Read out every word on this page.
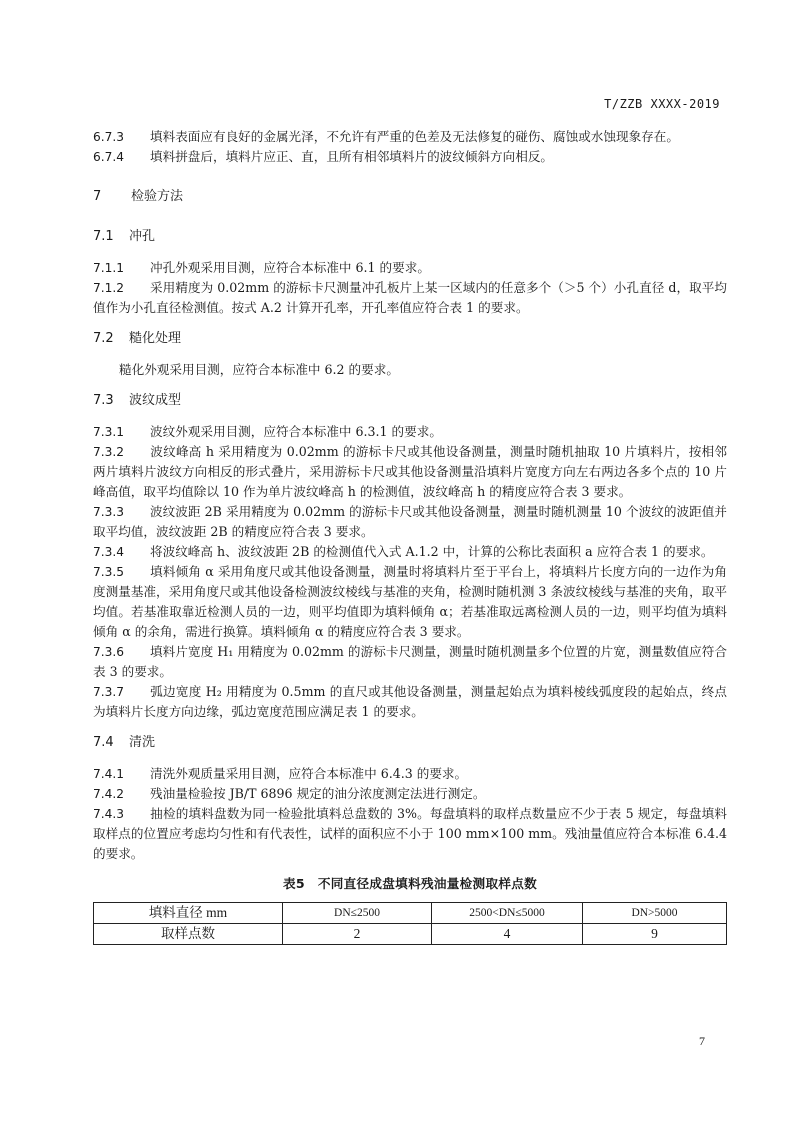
T/ZZB XXXX-2019

6.7.3 填料表面应有良好的金属光泽，不允许有严重的色差及无法修复的碰伤、腐蚀或水蚀现象存在。

6.7.4 填料拼盘后，填料片应正、直，且所有相邻填料片的波纹倾斜方向相反。

7 检验方法

7.1 冲孔

7.1.1 冲孔外观采用目测，应符合本标准中 6.1 的要求。

7.1.2 采用精度为 0.02mm 的游标卡尺测量冲孔板片上某一区域内的任意多个（＞5 个）小孔直径 d，取平均值作为小孔直径检测值。按式 A.2 计算开孔率，开孔率值应符合表 1 的要求。

7.2 糙化处理

糙化外观采用目测，应符合本标准中 6.2 的要求。

7.3 波纹成型

7.3.1 波纹外观采用目测，应符合本标准中 6.3.1 的要求。

7.3.2 波纹峰高 h 采用精度为 0.02mm 的游标卡尺或其他设备测量，测量时随机抽取 10 片填料片，按相邻两片填料片波纹方向相反的形式叠片，采用游标卡尺或其他设备测量沿填料片宽度方向左右两边各多个点的 10 片峰高值，取平均值除以 10 作为单片波纹峰高 h 的检测值，波纹峰高 h 的精度应符合表 3 要求。

7.3.3 波纹波距 2B 采用精度为 0.02mm 的游标卡尺或其他设备测量，测量时随机测量 10 个波纹的波距值并取平均值，波纹波距 2B 的精度应符合表 3 要求。

7.3.4 将波纹峰高 h、波纹波距 2B 的检测值代入式 A.1.2 中，计算的公称比表面积 a 应符合表 1 的要求。

7.3.5 填料倾角 α 采用角度尺或其他设备测量，测量时将填料片至于平台上，将填料片长度方向的一边作为角度测量基准，采用角度尺或其他设备检测波纹棱线与基准的夹角，检测时随机测 3 条波纹棱线与基准的夹角，取平均值。若基准取靠近检测人员的一边，则平均值即为填料倾角 α；若基准取远离检测人员的一边，则平均值为填料倾角 α 的余角，需进行换算。填料倾角 α 的精度应符合表 3 要求。

7.3.6 填料片宽度 H₁ 用精度为 0.02mm 的游标卡尺测量，测量时随机测量多个位置的片宽，测量数值应符合表 3 的要求。

7.3.7 弧边宽度 H₂ 用精度为 0.5mm 的直尺或其他设备测量，测量起始点为填料棱线弧度段的起始点，终点为填料片长度方向边缘，弧边宽度范围应满足表 1 的要求。

7.4 清洗

7.4.1 清洗外观质量采用目测，应符合本标准中 6.4.3 的要求。

7.4.2 残油量检验按 JB/T 6896 规定的油分浓度测定法进行测定。

7.4.3 抽检的填料盘数为同一检验批填料总盘数的 3%。每盘填料的取样点数量应不少于表 5 规定，每盘填料取样点的位置应考虑均匀性和有代表性，试样的面积应不小于 100 mm×100 mm。残油量值应符合本标准 6.4.4 的要求。

表5　不同直径成盘填料残油量检测取样点数
填料直径 mm	DN≤2500	2500<DN≤5000	DN>5000
取样点数	2	4	9
7
